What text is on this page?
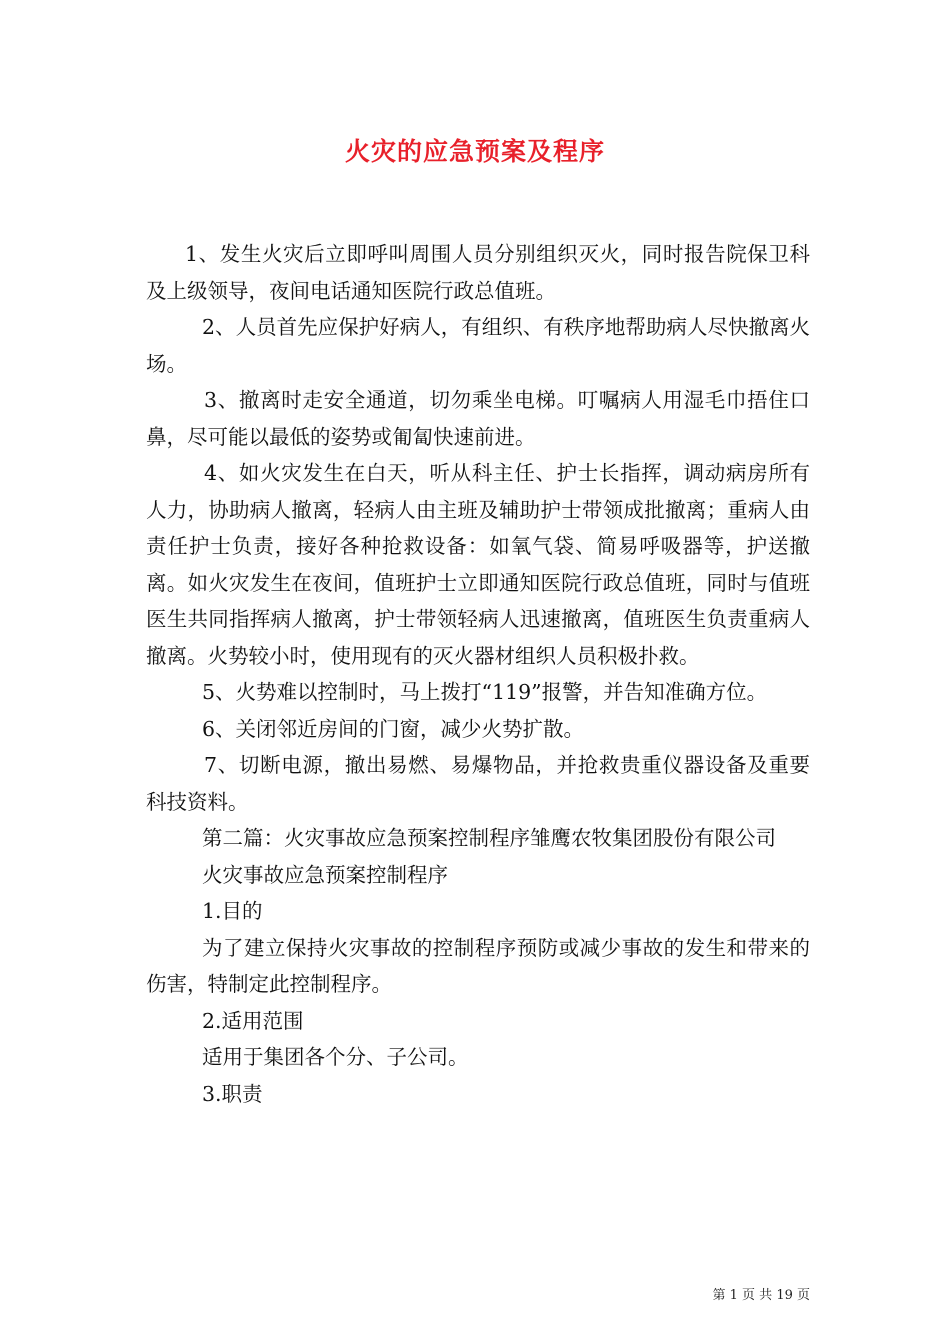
火灾的应急预案及程序

1、发生火灾后立即呼叫周围人员分别组织灭火，同时报告院保卫科及上级领导，夜间电话通知医院行政总值班。

2、人员首先应保护好病人，有组织、有秩序地帮助病人尽快撤离火场。

3、撤离时走安全通道，切勿乘坐电梯。叮嘱病人用湿毛巾捂住口鼻，尽可能以最低的姿势或匍匐快速前进。

4、如火灾发生在白天，听从科主任、护士长指挥，调动病房所有人力，协助病人撤离，轻病人由主班及辅助护士带领成批撤离；重病人由责任护士负责，接好各种抢救设备：如氧气袋、简易呼吸器等，护送撤离。如火灾发生在夜间，值班护士立即通知医院行政总值班，同时与值班医生共同指挥病人撤离，护士带领轻病人迅速撤离，值班医生负责重病人撤离。火势较小时，使用现有的灭火器材组织人员积极扑救。

5、火势难以控制时，马上拨打“119”报警，并告知准确方位。

6、关闭邻近房间的门窗，减少火势扩散。

7、切断电源，撤出易燃、易爆物品，并抢救贵重仪器设备及重要科技资料。

第二篇：火灾事故应急预案控制程序雏鹰农牧集团股份有限公司

火灾事故应急预案控制程序

1.目的

为了建立保持火灾事故的控制程序预防或减少事故的发生和带来的伤害，特制定此控制程序。

2.适用范围

适用于集团各个分、子公司。

3.职责

第 1 页 共 19 页
